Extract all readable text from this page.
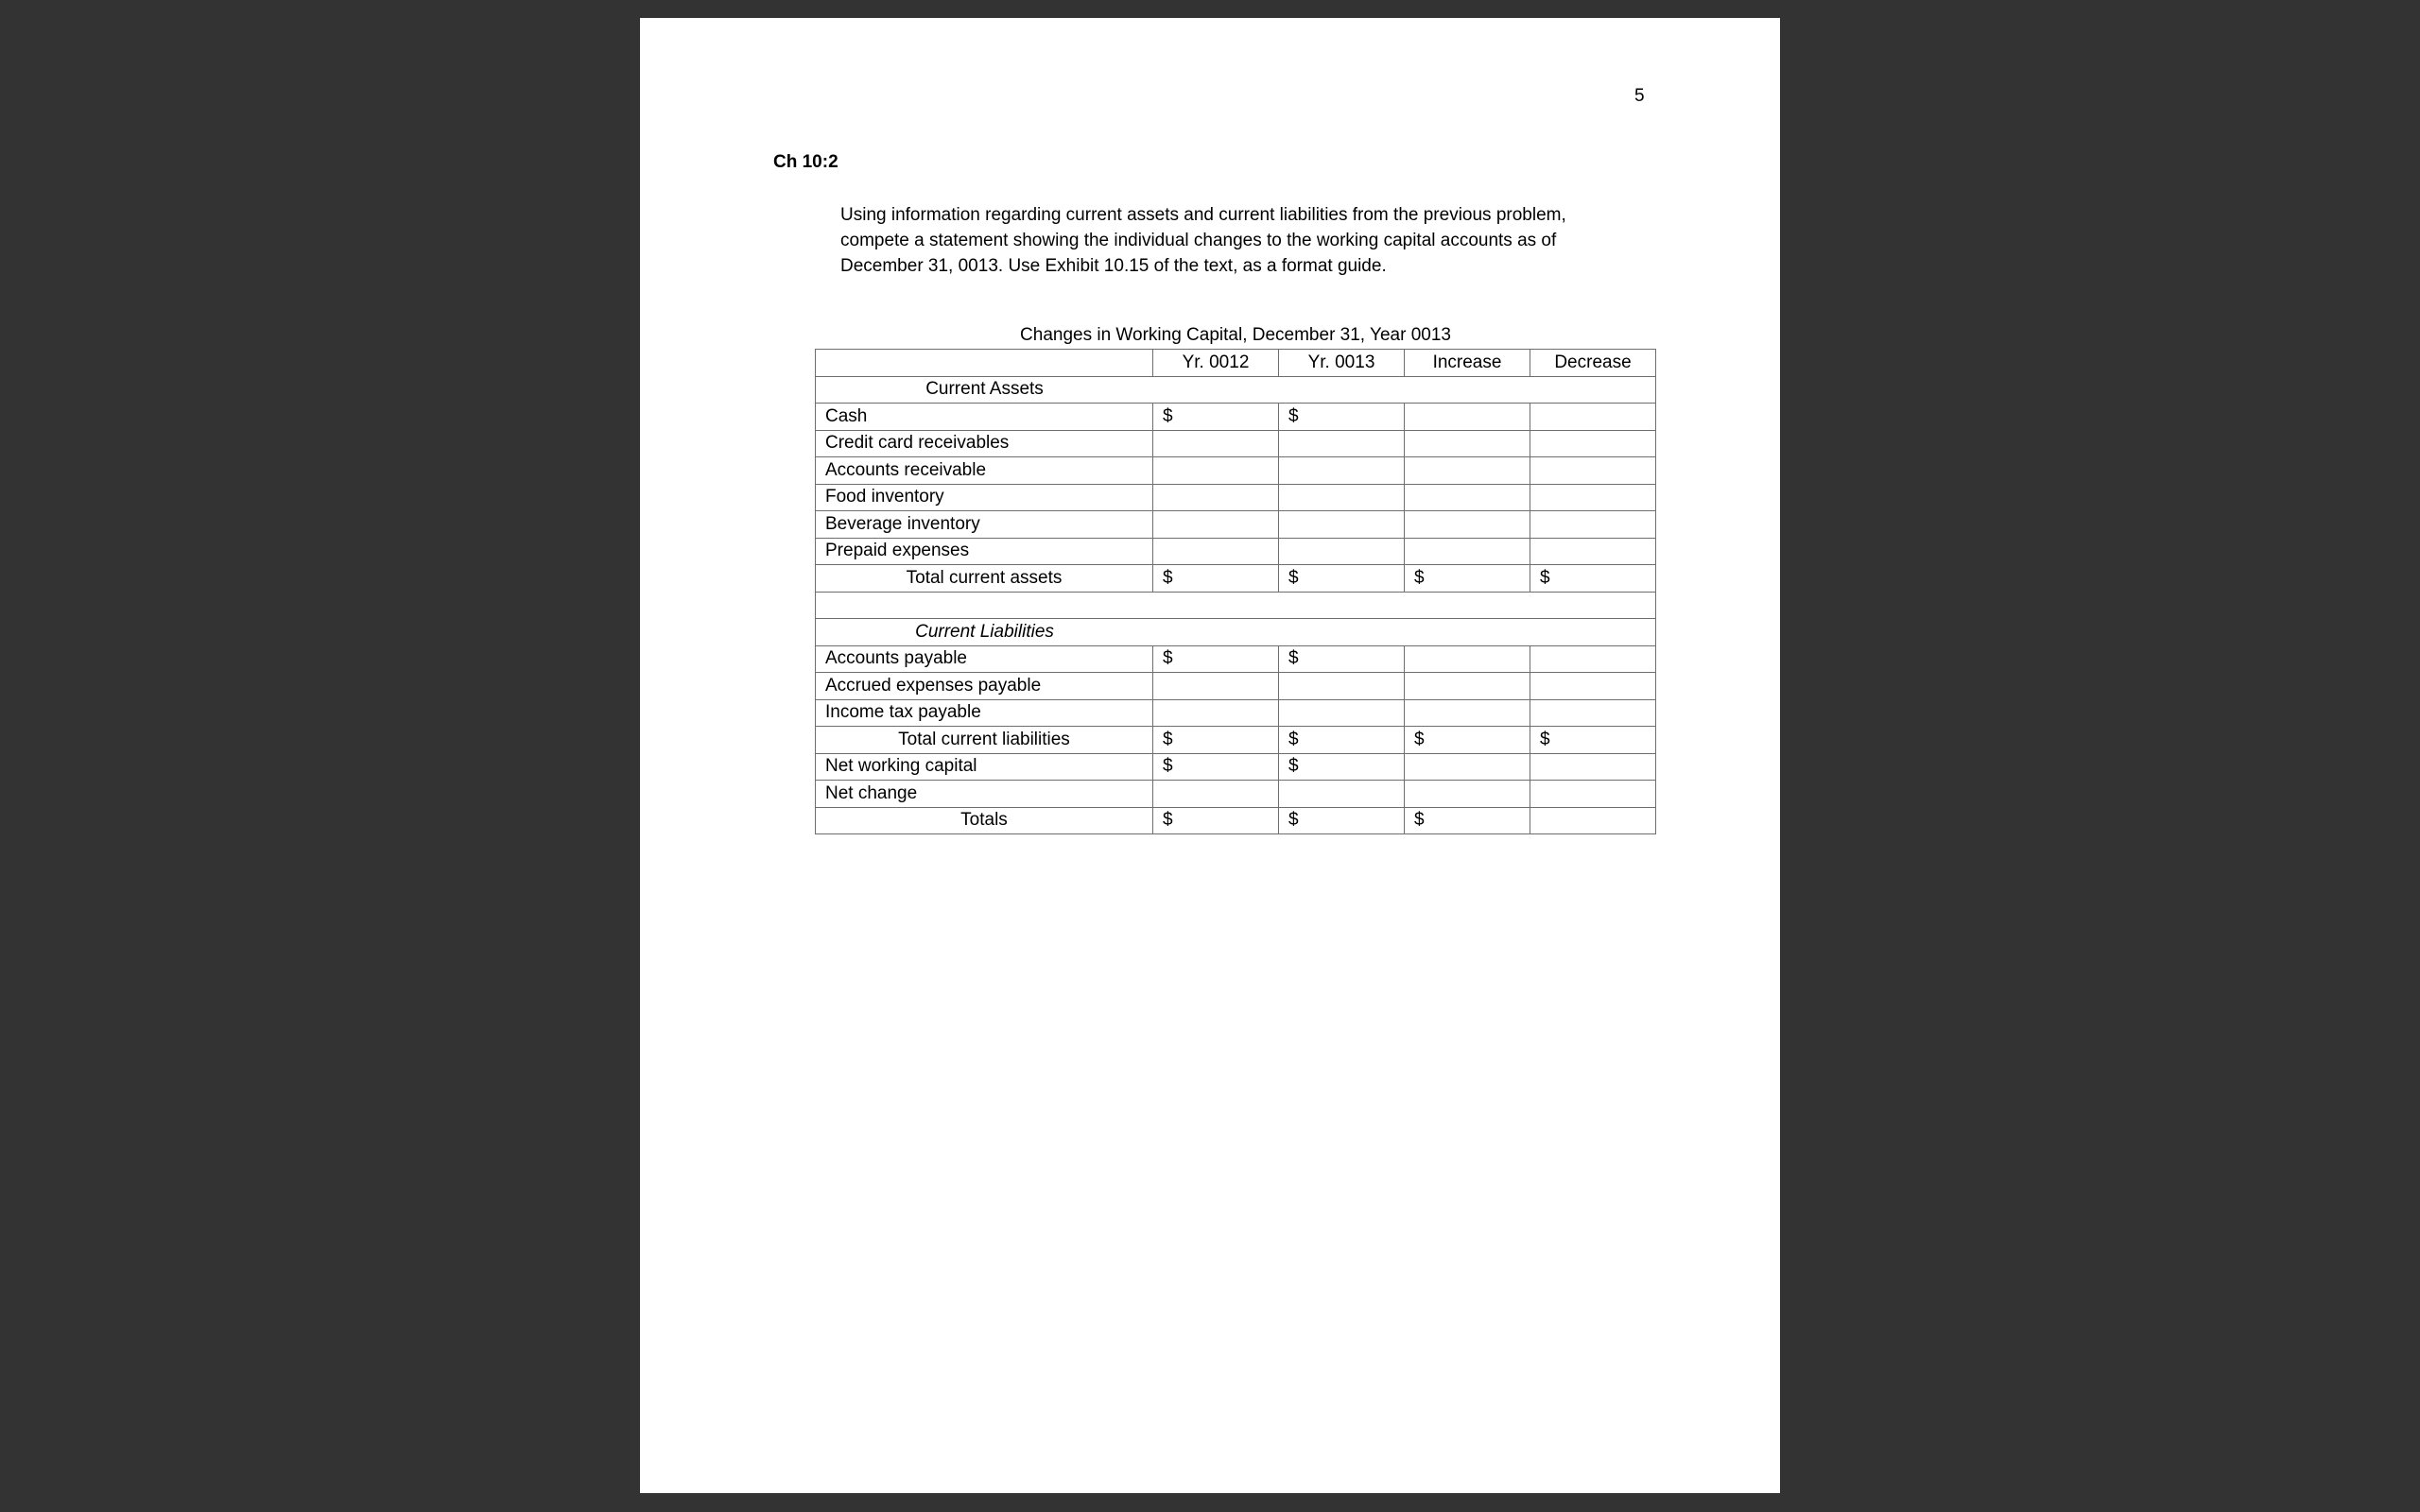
5
Ch 10:2
Using information regarding current assets and current liabilities from the previous problem,
compete a statement showing the individual changes to the working capital accounts as of
December 31, 0013. Use Exhibit 10.15 of the text, as a format guide.
Changes in Working Capital, December 31, Year 0013
	Yr. 0012	Yr. 0013	Increase	Decrease
Current Assets				
Cash	$	$		
Credit card receivables				
Accounts receivable				
Food inventory				
Beverage inventory				
Prepaid expenses				
Total current assets	$	$	$	$

Current Liabilities				
Accounts payable	$	$		
Accrued expenses payable				
Income tax payable				
Total current liabilities	$	$	$	$
Net working capital	$	$		
Net change				
Totals	$	$	$	
